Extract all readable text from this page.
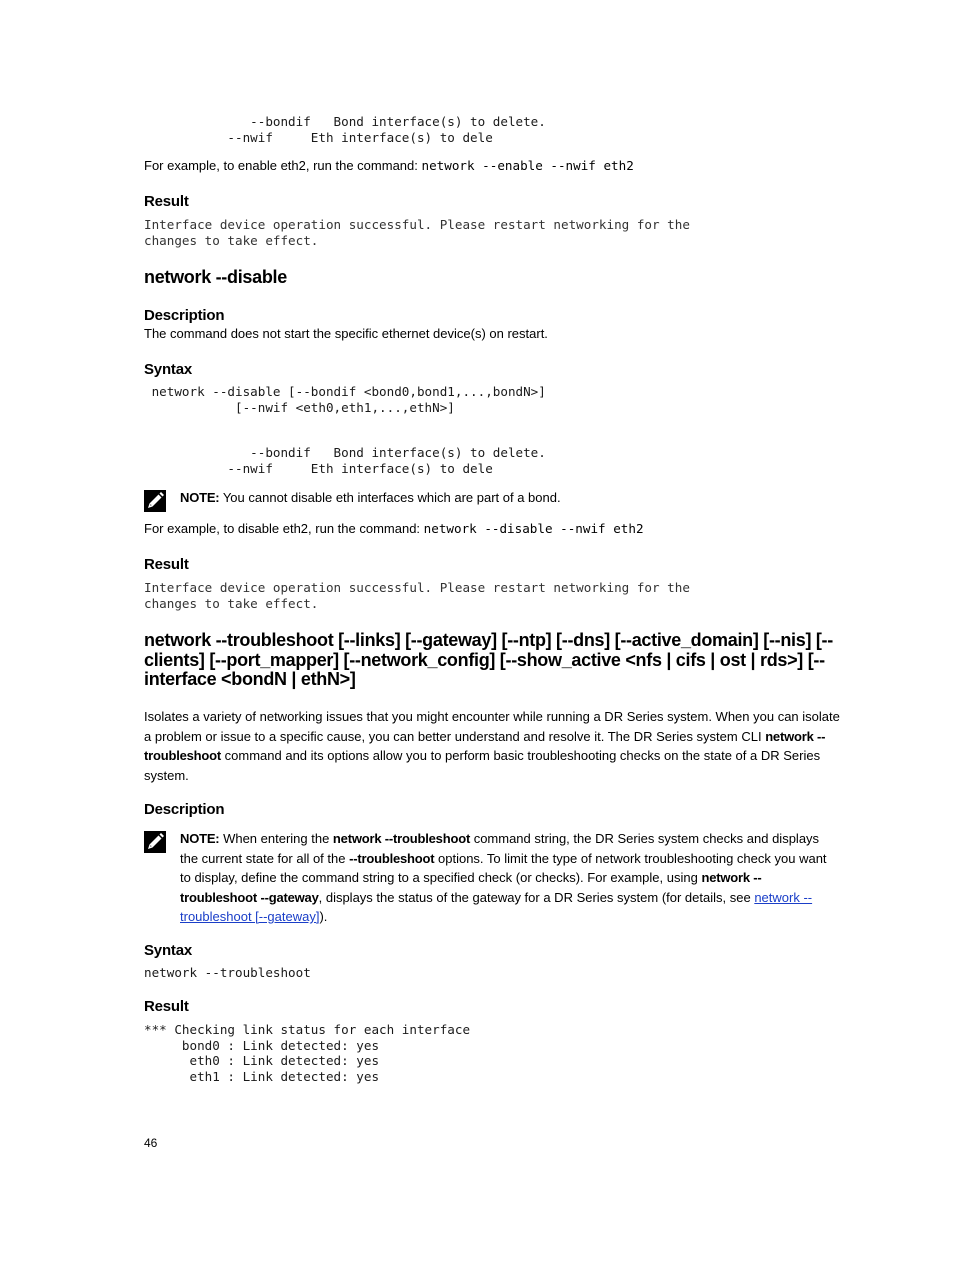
--bondif   Bond interface(s) to delete.
--nwif     Eth interface(s) to dele
For example, to enable eth2, run the command: network --enable --nwif eth2
Result
Interface device operation successful. Please restart networking for the
changes to take effect.
network --disable
Description
The command does not start the specific ethernet device(s) on restart.
Syntax
network --disable [--bondif <bond0,bond1,...,bondN>]
[--nwif <eth0,eth1,...,ethN>]
--bondif   Bond interface(s) to delete.
--nwif     Eth interface(s) to dele
NOTE: You cannot disable eth interfaces which are part of a bond.
For example, to disable eth2, run the command: network --disable --nwif eth2
Result
Interface device operation successful. Please restart networking for the
changes to take effect.
network --troubleshoot [--links] [--gateway] [--ntp] [--dns] [--active_domain] [--nis] [--
clients] [--port_mapper] [--network_config] [--show_active <nfs | cifs | ost | rds>] [--
interface <bondN | ethN>]
Isolates a variety of networking issues that you might encounter while running a DR Series system. When you can isolate a problem or issue to a specific cause, you can better understand and resolve it. The DR Series system CLI network --troubleshoot command and its options allow you to perform basic troubleshooting checks on the state of a DR Series system.
Description
NOTE: When entering the network --troubleshoot command string, the DR Series system checks and displays the current state for all of the --troubleshoot options. To limit the type of network troubleshooting check you want to display, define the command string to a specified check (or checks). For example, using network --troubleshoot --gateway, displays the status of the gateway for a DR Series system (for details, see network --troubleshoot [--gateway]).
Syntax
network --troubleshoot
Result
*** Checking link status for each interface
bond0 : Link detected: yes
eth0 : Link detected: yes
eth1 : Link detected: yes
46
